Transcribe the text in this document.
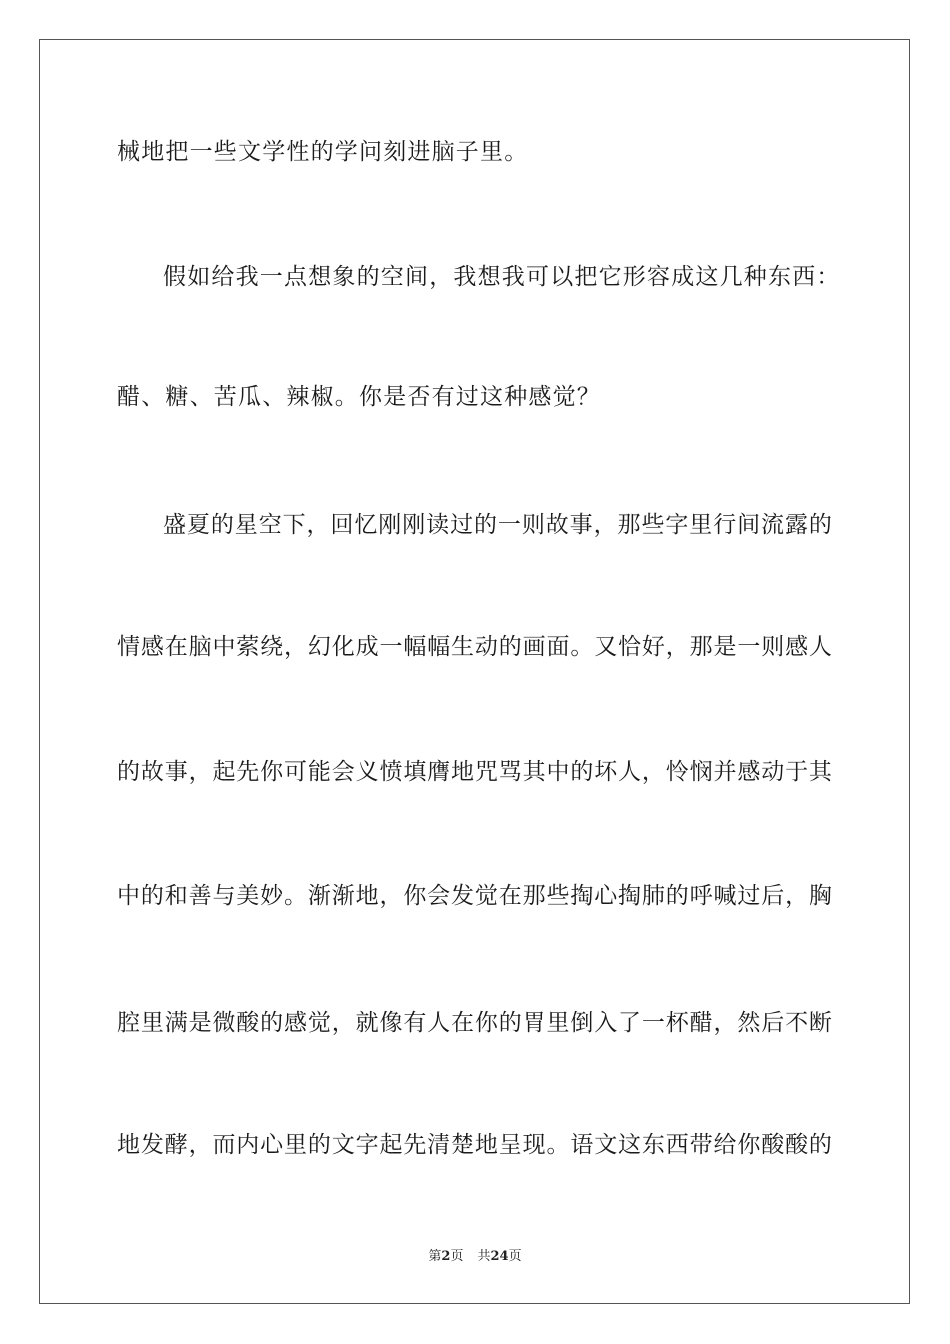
械地把一些文学性的学问刻进脑子里。
假如给我一点想象的空间，我想我可以把它形容成这几种东西：
醋、糖、苦瓜、辣椒。你是否有过这种感觉？
盛 夏 的 星 空 下 ， 回 忆 刚 刚 读 过 的 一 则 故 事 ， 那 些 字 里 行 间 流 露 的
情 感 在 脑 中 萦 绕 ， 幻 化 成 一 幅 幅 生 动 的 画 面 。 又 恰 好 ， 那 是 一 则 感 人
的 故 事 ， 起 先 你 可 能 会 义 愤 填 膺 地 咒 骂 其 中 的 坏 人 ， 怜 悯 并 感 动 于 其
中 的 和 善 与 美 妙 。 渐 渐 地 ， 你 会 发 觉 在 那 些 掏 心 掏 肺 的 呼 喊 过 后 ， 胸
腔 里 满 是 微 酸 的 感 觉 ， 就 像 有 人 在 你 的 胃 里 倒 入 了 一 杯 醋 ， 然 后 不 断
地 发 酵 ， 而 内 心 里 的 文 字 起 先 清 楚 地 呈 现 。 语 文 这 东 西 带 给 你 酸 酸 的
第2页 共24页
